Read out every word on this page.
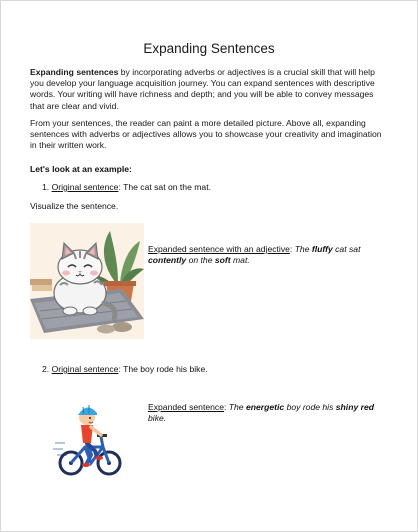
Expanding Sentences
Expanding sentences by incorporating adverbs or adjectives is a crucial skill that will help you develop your language acquisition journey. You can expand sentences with descriptive words. Your writing will have richness and depth; and you will be able to convey messages that are clear and vivid.
From your sentences, the reader can paint a more detailed picture. Above all, expanding sentences with adverbs or adjectives allows you to showcase your creativity and imagination in their written work.
Let's look at an example:
1. Original sentence: The cat sat on the mat.
Visualize the sentence.
Expanded sentence with an adjective: The fluffy cat sat contently on the soft mat.
2. Original sentence: The boy rode his bike.
Expanded sentence: The energetic boy rode his shiny red bike.
